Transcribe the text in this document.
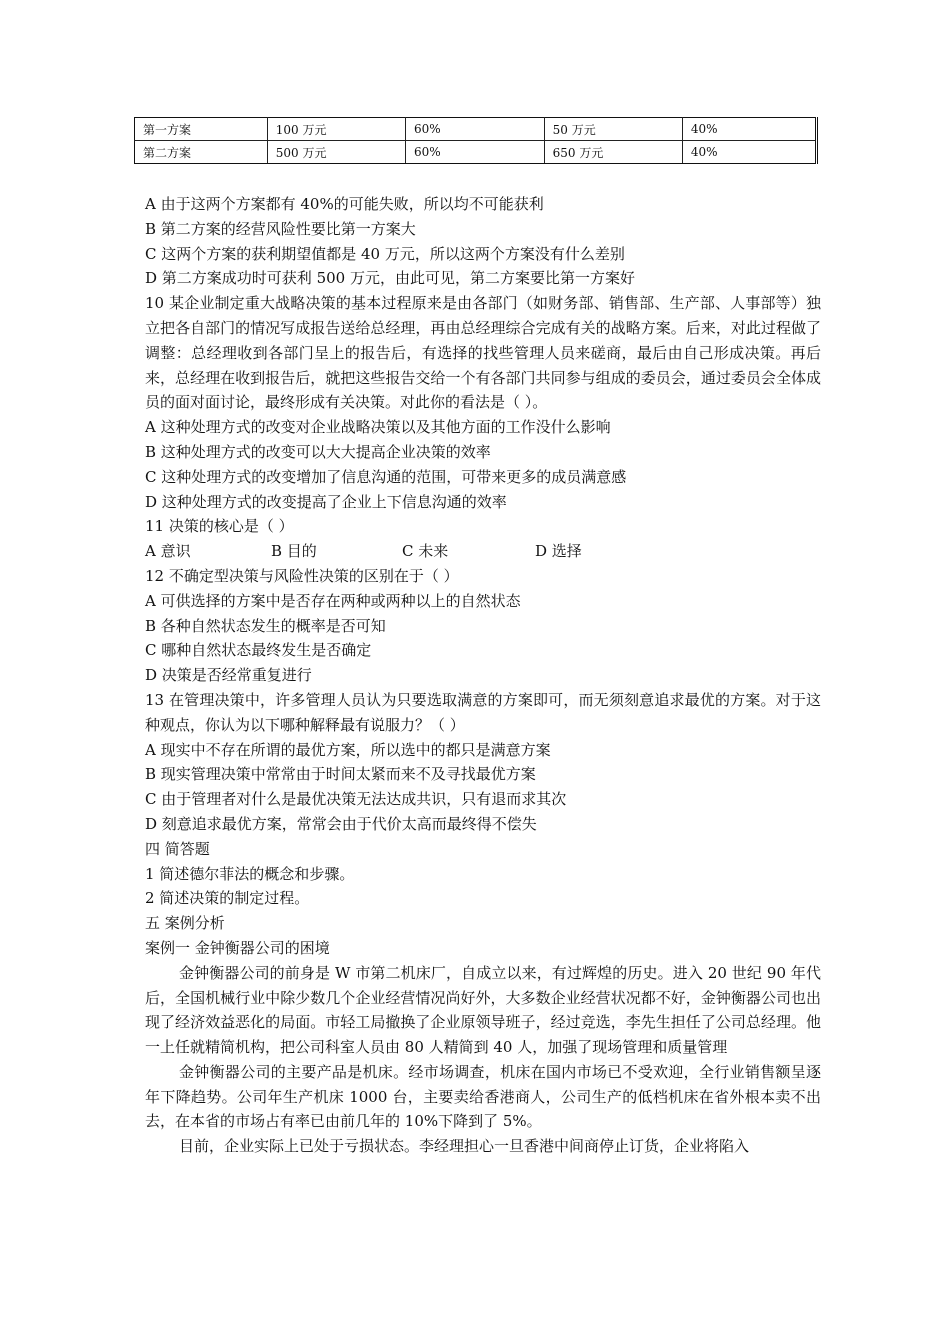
第一方案	100 万元	60%	50 万元	40%
第二方案	500 万元	60%	650 万元	40%
A 由于这两个方案都有 40%的可能失败，所以均不可能获利
B 第二方案的经营风险性要比第一方案大
C 这两个方案的获利期望值都是 40 万元，所以这两个方案没有什么差别
D 第二方案成功时可获利 500 万元，由此可见，第二方案要比第一方案好
10 某企业制定重大战略决策的基本过程原来是由各部门（如财务部、销售部、生产部、人事部等）独立把各自部门的情况写成报告送给总经理，再由总经理综合完成有关的战略方案。后来，对此过程做了调整：总经理收到各部门呈上的报告后，有选择的找些管理人员来磋商，最后由自己形成决策。再后来，总经理在收到报告后，就把这些报告交给一个有各部门共同参与组成的委员会，通过委员会全体成员的面对面讨论，最终形成有关决策。对此你的看法是（ ）。
A 这种处理方式的改变对企业战略决策以及其他方面的工作没什么影响
B 这种处理方式的改变可以大大提高企业决策的效率
C 这种处理方式的改变增加了信息沟通的范围，可带来更多的成员满意感
D 这种处理方式的改变提高了企业上下信息沟通的效率
11 决策的核心是（ ）
A 意识	B 目的	C 未来	D 选择
12 不确定型决策与风险性决策的区别在于（ ）
A 可供选择的方案中是否存在两种或两种以上的自然状态
B 各种自然状态发生的概率是否可知
C 哪种自然状态最终发生是否确定
D 决策是否经常重复进行
13 在管理决策中，许多管理人员认为只要选取满意的方案即可，而无须刻意追求最优的方案。对于这种观点，你认为以下哪种解释最有说服力？（ ）
A 现实中不存在所谓的最优方案，所以选中的都只是满意方案
B 现实管理决策中常常由于时间太紧而来不及寻找最优方案
C 由于管理者对什么是最优决策无法达成共识，只有退而求其次
D 刻意追求最优方案，常常会由于代价太高而最终得不偿失
四 简答题
1 简述德尔菲法的概念和步骤。
2 简述决策的制定过程。
五 案例分析
案例一 金钟衡器公司的困境
金钟衡器公司的前身是 W 市第二机床厂，自成立以来，有过辉煌的历史。进入 20 世纪 90 年代后，全国机械行业中除少数几个企业经营情况尚好外，大多数企业经营状况都不好，金钟衡器公司也出现了经济效益恶化的局面。市轻工局撤换了企业原领导班子，经过竞选，李先生担任了公司总经理。他一上任就精简机构，把公司科室人员由 80 人精简到 40 人，加强了现场管理和质量管理
金钟衡器公司的主要产品是机床。经市场调查，机床在国内市场已不受欢迎，全行业销售额呈逐年下降趋势。公司年生产机床 1000 台，主要卖给香港商人，公司生产的低档机床在省外根本卖不出去，在本省的市场占有率已由前几年的 10%下降到了 5%。
目前，企业实际上已处于亏损状态。李经理担心一旦香港中间商停止订货，企业将陷入
